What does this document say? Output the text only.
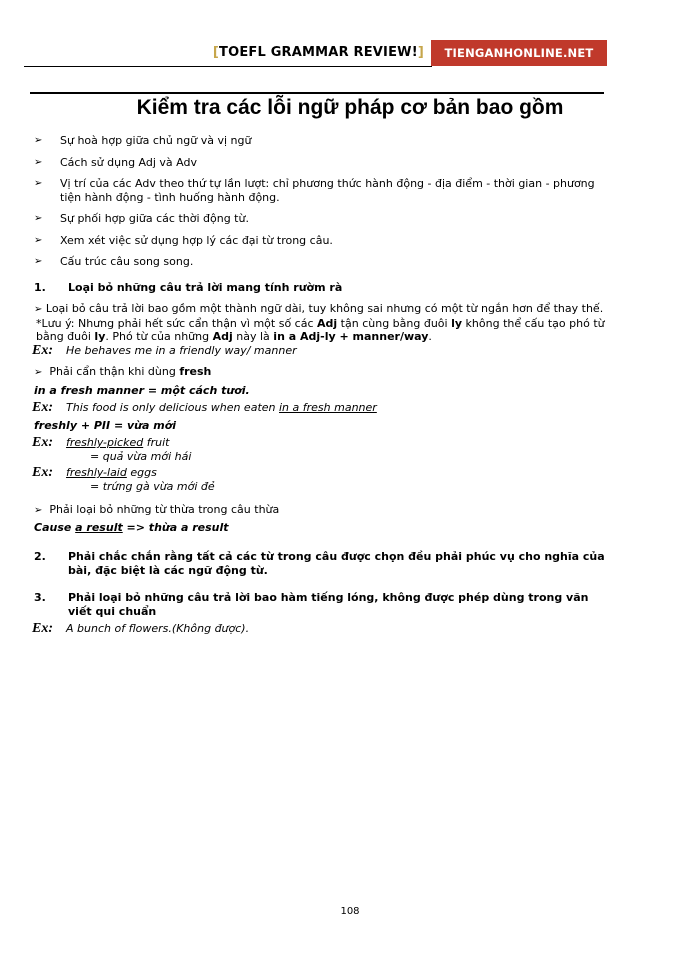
[TOEFL GRAMMAR REVIEW!]	TIENGANHONLINE.NET
Kiểm tra các lỗi ngữ pháp cơ bản bao gồm
➢	Sự hoà hợp giữa chủ ngữ và vị ngữ
➢	Cách sử dụng Adj và Adv
➢	Vị trí của các Adv theo thứ tự lần lượt: chỉ phương thức hành động - địa điểm - thời gian - phương tiện hành động - tình huống hành động.
➢	Sự phối hợp giữa các thời động từ.
➢	Xem xét việc sử dụng hợp lý các đại từ trong câu.
➢	Cấu trúc câu song song.
1.	Loại bỏ những câu trả lời mang tính rườm rà
➢ Loại bỏ câu trả lời bao gồm một thành ngữ dài, tuy không sai nhưng có một từ ngắn hơn để thay thế.
*Lưu ý: Nhưng phải hết sức cẩn thận vì một số các Adj tận cùng bằng đuôi ly không thể cấu tạo phó từ bằng đuôi ly. Phó từ của những Adj này là in a Adj-ly + manner/way.
Ex:	He behaves me in a friendly way/ manner
➢ Phải cẩn thận khi dùng fresh
in a fresh manner = một cách tươi.
Ex:	This food is only delicious when eaten in a fresh manner
freshly + PII = vừa mới
Ex:	freshly-picked fruit
= quả vừa mới hái
Ex:	freshly-laid eggs
= trứng gà vừa mới đẻ
➢ Phải loại bỏ những từ thừa trong câu thừa
Cause a result => thừa a result
2.	Phải chắc chắn rằng tất cả các từ trong câu được chọn đều phải phúc vụ cho nghĩa của bài, đặc biệt là các ngữ động từ.
3.	Phải loại bỏ những câu trả lời bao hàm tiếng lóng, không được phép dùng trong văn viết qui chuẩn
Ex:	A bunch of flowers.(Không được).
108
